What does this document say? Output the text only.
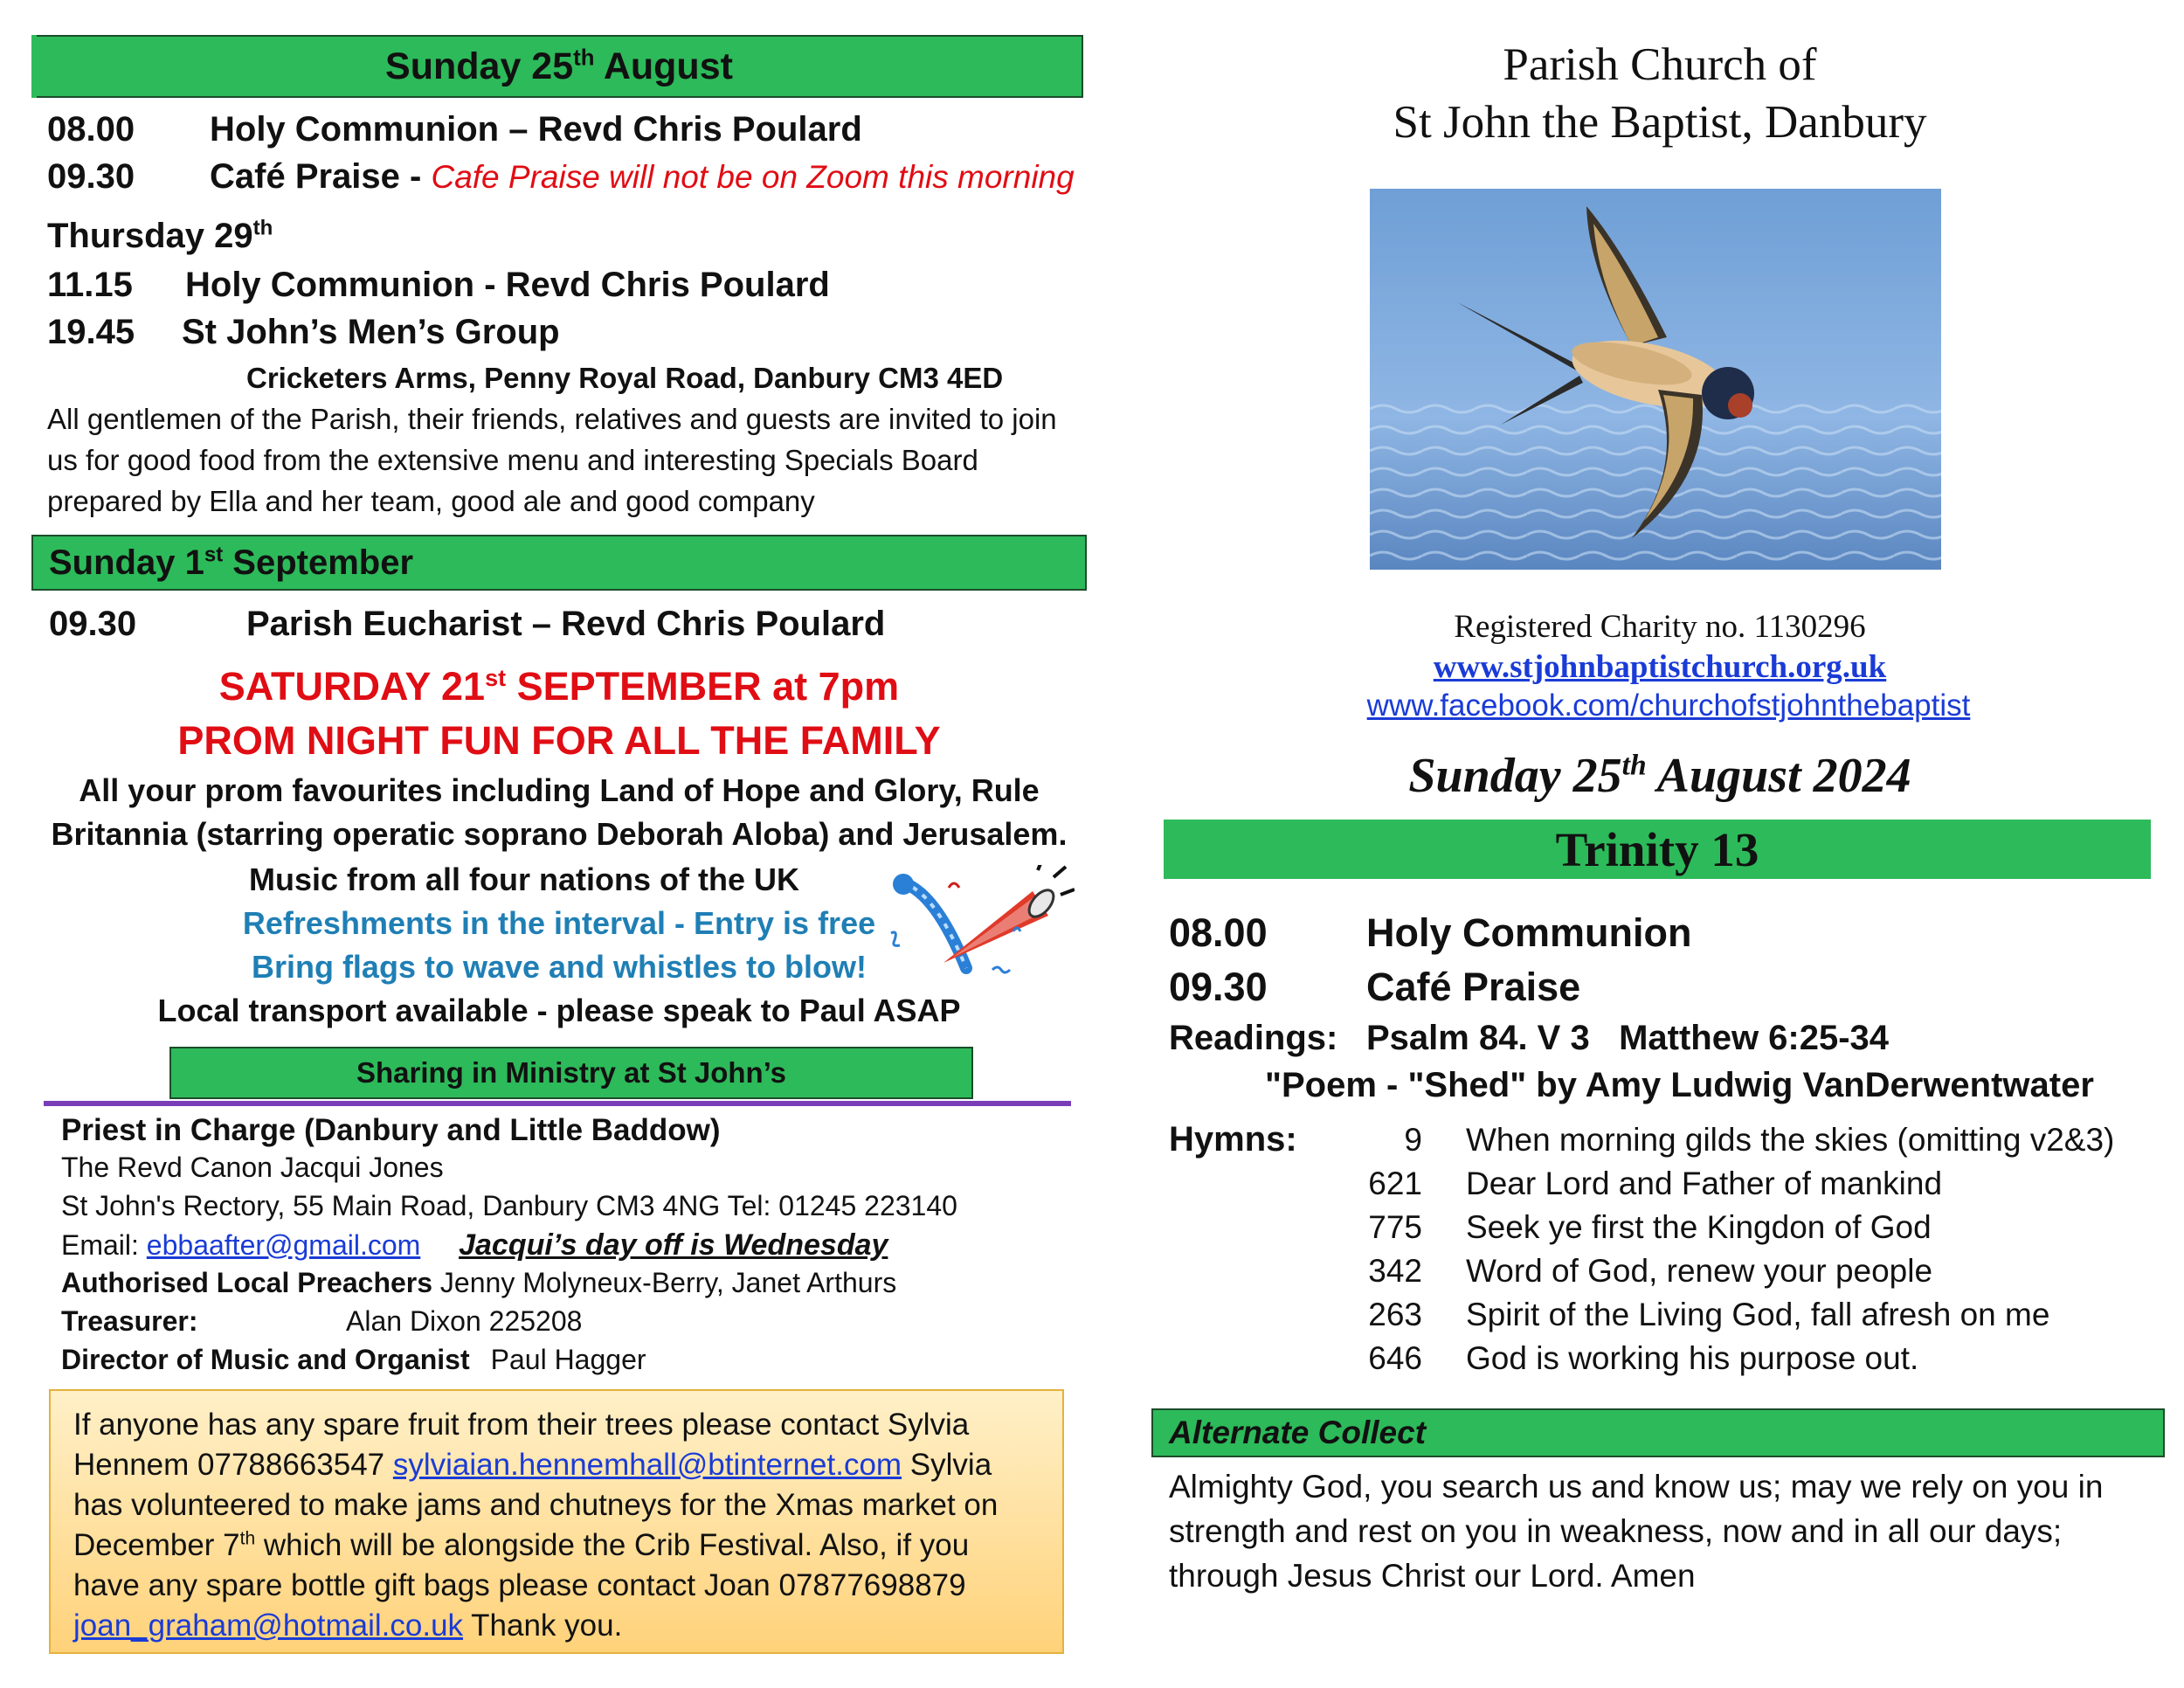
Sunday 25th August
08.00 Holy Communion – Revd Chris Poulard
09.30 Café Praise - Cafe Praise will not be on Zoom this morning
Thursday 29th
11.15 Holy Communion - Revd Chris Poulard
19.45 St John’s Men’s Group
Cricketers Arms, Penny Royal Road, Danbury CM3 4ED
All gentlemen of the Parish, their friends, relatives and guests are invited to join us for good food from the extensive menu and interesting Specials Board prepared by Ella and her team, good ale and good company
Sunday 1st September
09.30	Parish Eucharist – Revd Chris Poulard
SATURDAY 21st SEPTEMBER at 7pm
PROM NIGHT FUN FOR ALL THE FAMILY
All your prom favourites including Land of Hope and Glory, Rule
Britannia (starring operatic soprano Deborah Aloba) and Jerusalem.
Music from all four nations of the UK
Refreshments in the interval - Entry is free
Bring flags to wave and whistles to blow!
Local transport available - please speak to Paul ASAP
Sharing in Ministry at St John’s
Priest in Charge (Danbury and Little Baddow)
The Revd Canon Jacqui Jones
St John's Rectory, 55 Main Road, Danbury CM3 4NG Tel: 01245 223140
Email: ebbaafter@gmail.com Jacqui’s day off is Wednesday
Authorised Local Preachers Jenny Molyneux-Berry, Janet Arthurs
Treasurer:	Alan Dixon 225208
Director of Music and Organist Paul Hagger
If anyone has any spare fruit from their trees please contact Sylvia Hennem 07788663547 sylviaian.hennemhall@btinternet.com Sylvia has volunteered to make jams and chutneys for the Xmas market on December 7th which will be alongside the Crib Festival. Also, if you have any spare bottle gift bags please contact Joan 07877698879 joan_graham@hotmail.co.uk Thank you.
Parish Church of
St John the Baptist, Danbury
Registered Charity no. 1130296
www.stjohnbaptistchurch.org.uk
www.facebook.com/churchofstjohnthebaptist
Sunday 25th August 2024
Trinity 13
08.00	Holy Communion
09.30	Café Praise
Readings: Psalm 84. V 3   Matthew 6:25-34
"Poem - "Shed" by Amy Ludwig VanDerwentwater
Hymns:	9 When morning gilds the skies (omitting v2&3)
621 Dear Lord and Father of mankind
775 Seek ye first the Kingdon of God
342 Word of God, renew your people
263 Spirit of the Living God, fall afresh on me
646 God is working his purpose out.
Alternate Collect
Almighty God, you search us and know us; may we rely on you in strength and rest on you in weakness, now and in all our days; through Jesus Christ our Lord. Amen
